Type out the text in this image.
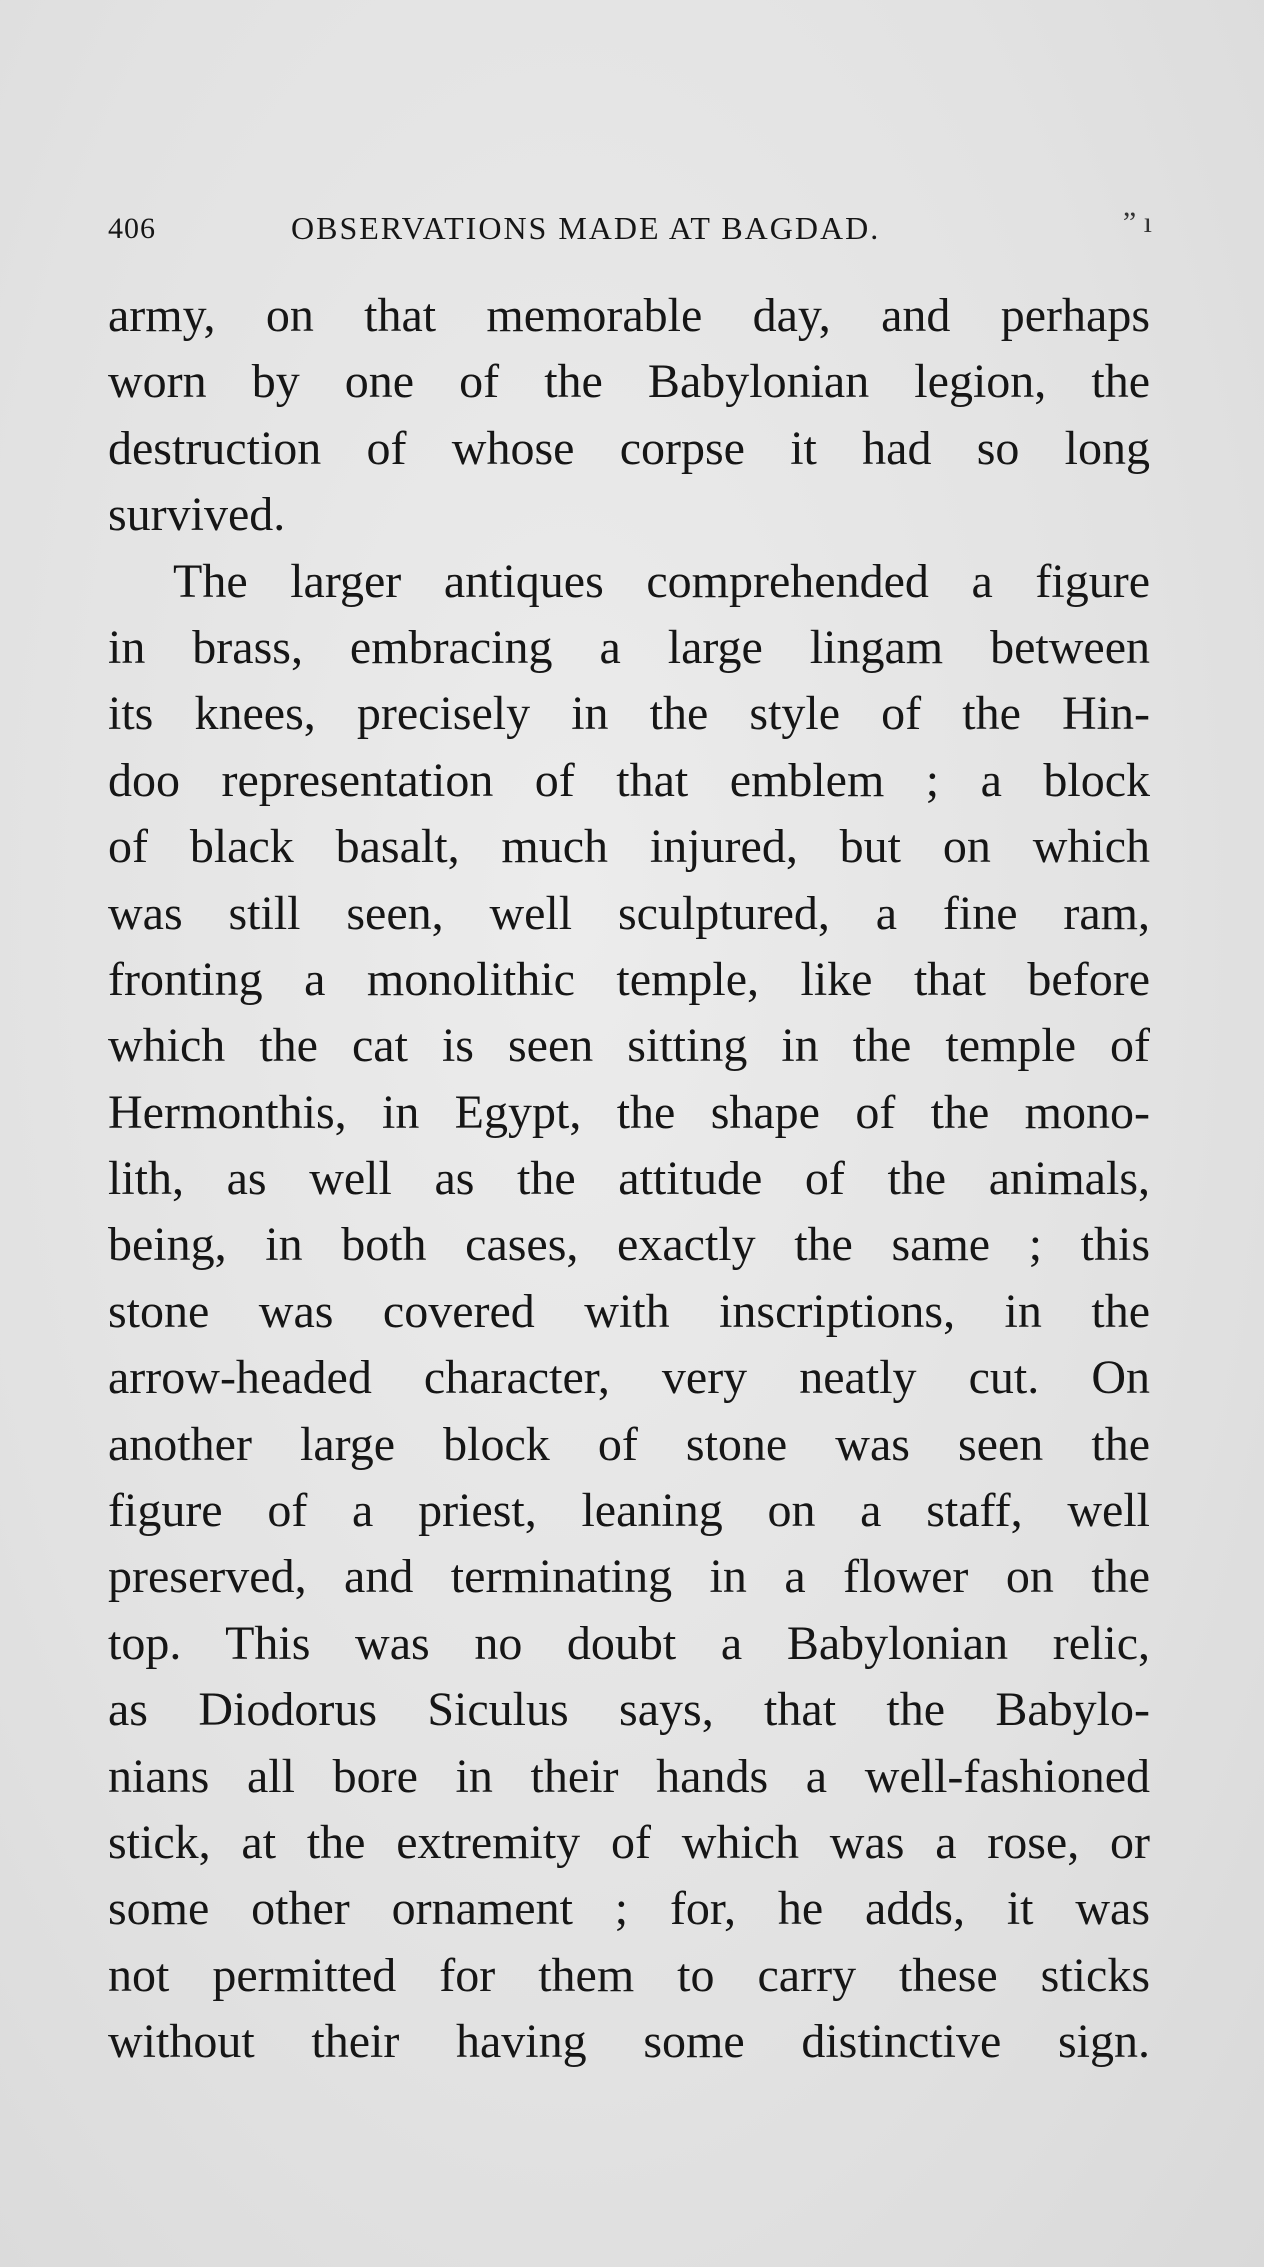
406	OBSERVATIONS MADE AT BAGDAD.	” ı
army, on that memorable day, and perhaps
worn by one of the Babylonian legion, the
destruction of whose corpse it had so long
survived.
The larger antiques comprehended a figure
in brass, embracing a large lingam between
its knees, precisely in the style of the Hin-
doo representation of that emblem ; a block
of black basalt, much injured, but on which
was still seen, well sculptured, a fine ram,
fronting a monolithic temple, like that before
which the cat is seen sitting in the temple of
Hermonthis, in Egypt, the shape of the mono-
lith, as well as the attitude of the animals,
being, in both cases, exactly the same ; this
stone was covered with inscriptions, in the
arrow-headed character, very neatly cut. On
another large block of stone was seen the
figure of a priest, leaning on a staff, well
preserved, and terminating in a flower on the
top. This was no doubt a Babylonian relic,
as Diodorus Siculus says, that the Babylo-
nians all bore in their hands a well-fashioned
stick, at the extremity of which was a rose, or
some other ornament ; for, he adds, it was
not permitted for them to carry these sticks
without their having some distinctive sign.
